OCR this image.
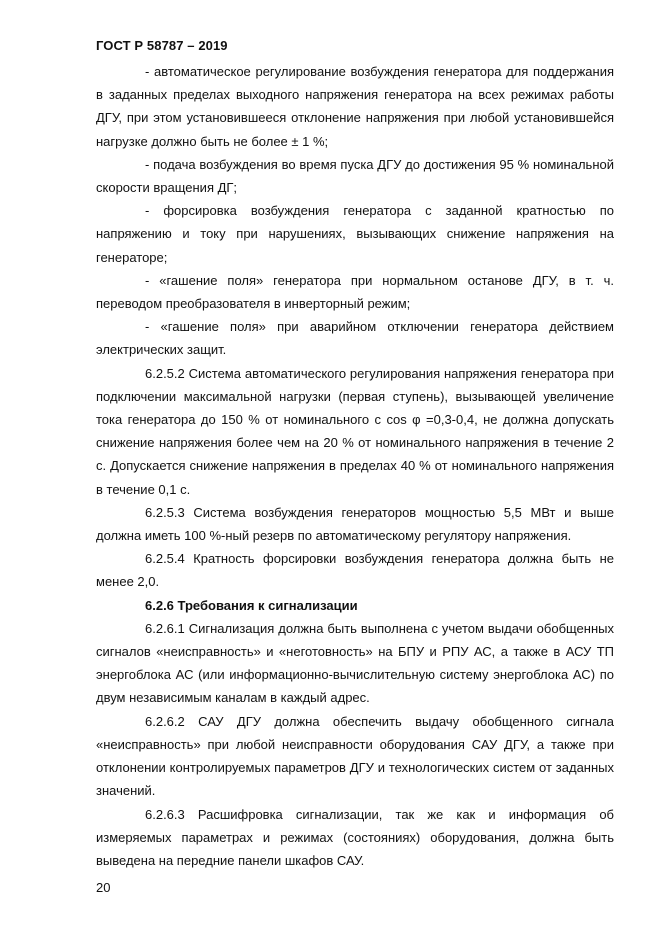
ГОСТ Р 58787 – 2019

- автоматическое регулирование возбуждения генератора для поддержания в заданных пределах выходного напряжения генератора на всех режимах работы ДГУ, при этом установившееся отклонение напряжения при любой установившейся нагрузке должно быть не более ± 1 %;

- подача возбуждения во время пуска ДГУ до достижения 95 % номинальной скорости вращения ДГ;

- форсировка возбуждения генератора с заданной кратностью по напряжению и току при нарушениях, вызывающих снижение напряжения на генераторе;

- «гашение поля» генератора при нормальном останове ДГУ, в т. ч. переводом преобразователя в инверторный режим;

- «гашение поля» при аварийном отключении генератора действием электрических защит.

6.2.5.2 Система автоматического регулирования напряжения генератора при подключении максимальной нагрузки (первая ступень), вызывающей увеличение тока генератора до 150 % от номинального с cos φ =0,3-0,4, не должна допускать снижение напряжения более чем на 20 % от номинального напряжения в течение 2 с. Допускается снижение напряжения в пределах 40 % от номинального напряжения в течение 0,1 с.

6.2.5.3 Система возбуждения генераторов мощностью 5,5 МВт и выше должна иметь 100 %-ный резерв по автоматическому регулятору напряжения.

6.2.5.4 Кратность форсировки возбуждения генератора должна быть не менее 2,0.

6.2.6 Требования к сигнализации

6.2.6.1 Сигнализация должна быть выполнена с учетом выдачи обобщенных сигналов «неисправность» и «неготовность» на БПУ и РПУ АС, а также в АСУ ТП энергоблока АС (или информационно-вычислительную систему энергоблока АС) по двум независимым каналам в каждый адрес.

6.2.6.2 САУ ДГУ должна обеспечить выдачу обобщенного сигнала «неисправность» при любой неисправности оборудования САУ ДГУ, а также при отклонении контролируемых параметров ДГУ и технологических систем от заданных значений.

6.2.6.3 Расшифровка сигнализации, так же как и информация об измеряемых параметрах и режимах (состояниях) оборудования, должна быть выведена на передние панели шкафов САУ.

20
